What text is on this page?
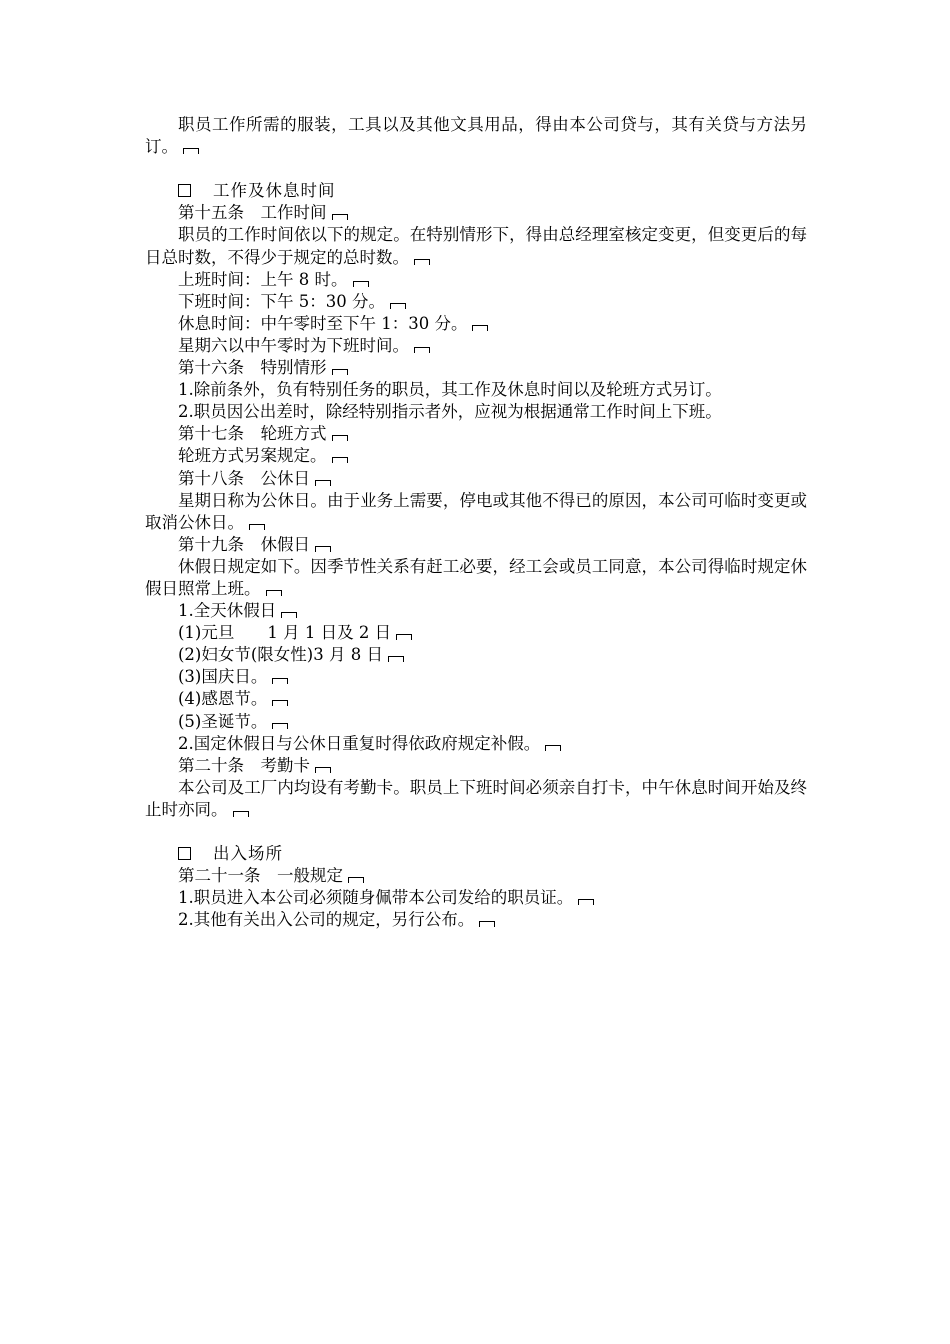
职员工作所需的服装，工具以及其他文具用品，得由本公司贷与，其有关贷与方法另订。
工作及休息时间
第十五条　工作时间
职员的工作时间依以下的规定。在特别情形下，得由总经理室核定变更，但变更后的每日总时数，不得少于规定的总时数。
上班时间：上午 8 时。
下班时间：下午 5：30 分。
休息时间：中午零时至下午 1：30 分。
星期六以中午零时为下班时间。
第十六条　特别情形
1.除前条外，负有特别任务的职员，其工作及休息时间以及轮班方式另订。
2.职员因公出差时，除经特别指示者外，应视为根据通常工作时间上下班。
第十七条　轮班方式
轮班方式另案规定。
第十八条　公休日
星期日称为公休日。由于业务上需要，停电或其他不得已的原因，本公司可临时变更或取消公休日。
第十九条　休假日
休假日规定如下。因季节性关系有赶工必要，经工会或员工同意，本公司得临时规定休假日照常上班。
1.全天休假日
(1)元旦　　1 月 1 日及 2 日
(2)妇女节(限女性)3 月 8 日
(3)国庆日。
(4)感恩节。
(5)圣诞节。
2.国定休假日与公休日重复时得依政府规定补假。
第二十条　考勤卡
本公司及工厂内均设有考勤卡。职员上下班时间必须亲自打卡，中午休息时间开始及终止时亦同。
出入场所
第二十一条　一般规定
1.职员进入本公司必须随身佩带本公司发给的职员证。
2.其他有关出入公司的规定，另行公布。
